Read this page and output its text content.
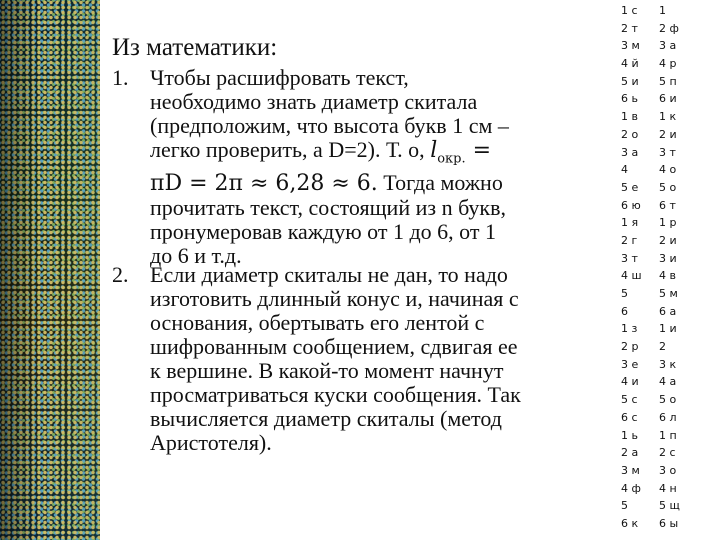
Из математики:
1. Чтобы расшифровать текст, необходимо знать диаметр скитала (предположим, что высота букв 1 см – легко проверить, а D=2). Т. о, $l_{окр.} = \pi D = 2\pi \approx 6,28 \approx 6$. Тогда можно прочитать текст, состоящий из n букв, пронумеровав каждую от 1 до 6, от 1 до 6 и т.д.
2. Если диаметр скиталы не дан, то надо изготовить длинный конус и, начиная с основания, обертывать его лентой с шифрованным сообщением, сдвигая ее к вершине. В какой-то момент начнут просматриваться куски сообщения. Так вычисляется диаметр скиталы (метод Аристотеля).
1 с 1
2 т 2 ф
3 м 3 а
4 й 4 р
5 и 5 п
6 ь 6 и
1 в 1 к
2 о 2 и
3 а 3 т
4	4 о
5 е 5 о
6 ю 6 т
1 я 1 р
2 г 2 и
3 т 3 и
4 ш 4 в
5	5 м
6	6 а
1 з 1 и
2 р 2
3 е 3 к
4 и 4 а
5 с 5 о
6 с 6 л
1 ь 1 п
2 а 2 с
3 м 3 о
4 ф 4 н
5	5 щ
6 к 6 ы
